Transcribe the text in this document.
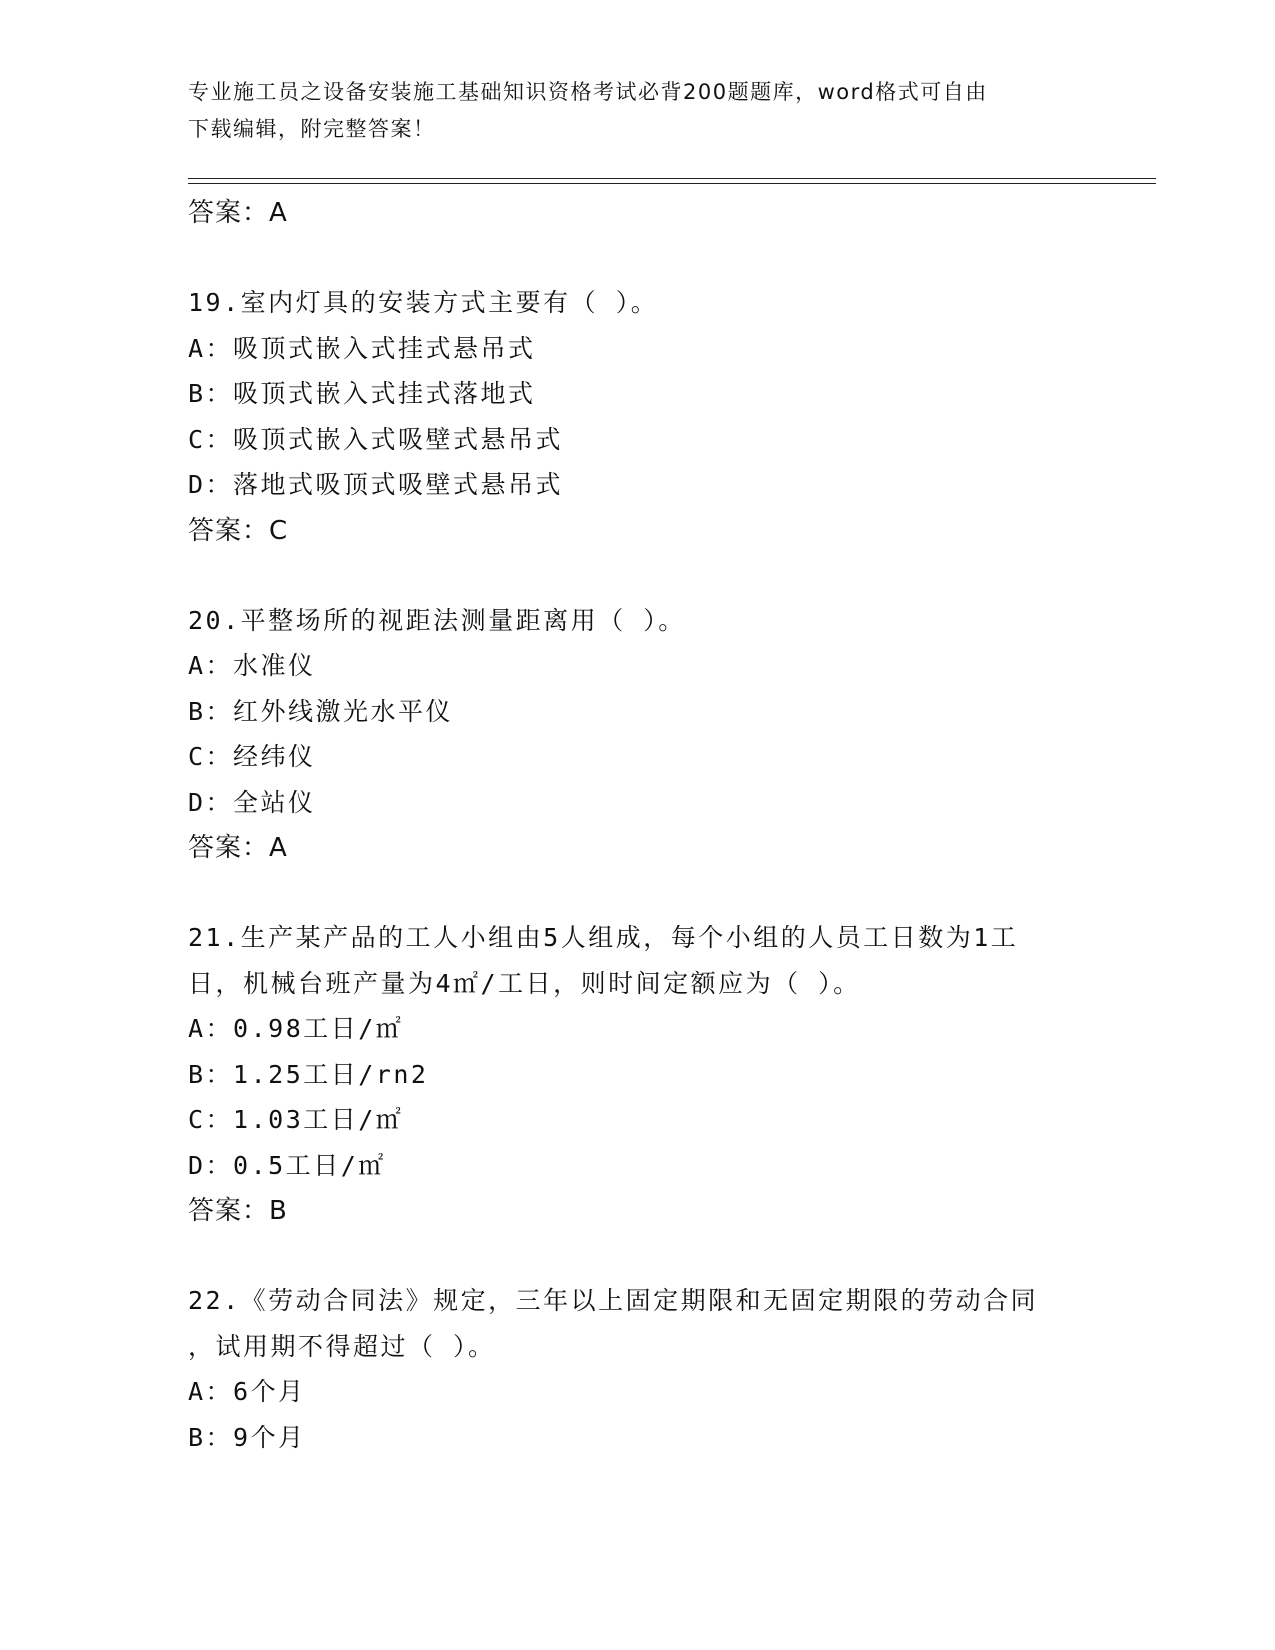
专业施工员之设备安装施工基础知识资格考试必背200题题库，word格式可自由
下载编辑，附完整答案！
答案：A
19.室内灯具的安装方式主要有（ ）。
A：吸顶式嵌入式挂式悬吊式
B：吸顶式嵌入式挂式落地式
C：吸顶式嵌入式吸壁式悬吊式
D：落地式吸顶式吸壁式悬吊式
答案：C
20.平整场所的视距法测量距离用（ ）。
A：水准仪
B：红外线激光水平仪
C：经纬仪
D：全站仪
答案：A
21.生产某产品的工人小组由5人组成，每个小组的人员工日数为1工
日，机械台班产量为4㎡/工日，则时间定额应为（ ）。
A：0.98工日/㎡
B：1.25工日/rn2
C：1.03工日/㎡
D：0.5工日/㎡
答案：B
22.《劳动合同法》规定，三年以上固定期限和无固定期限的劳动合同
，试用期不得超过（ ）。
A：6个月
B：9个月
